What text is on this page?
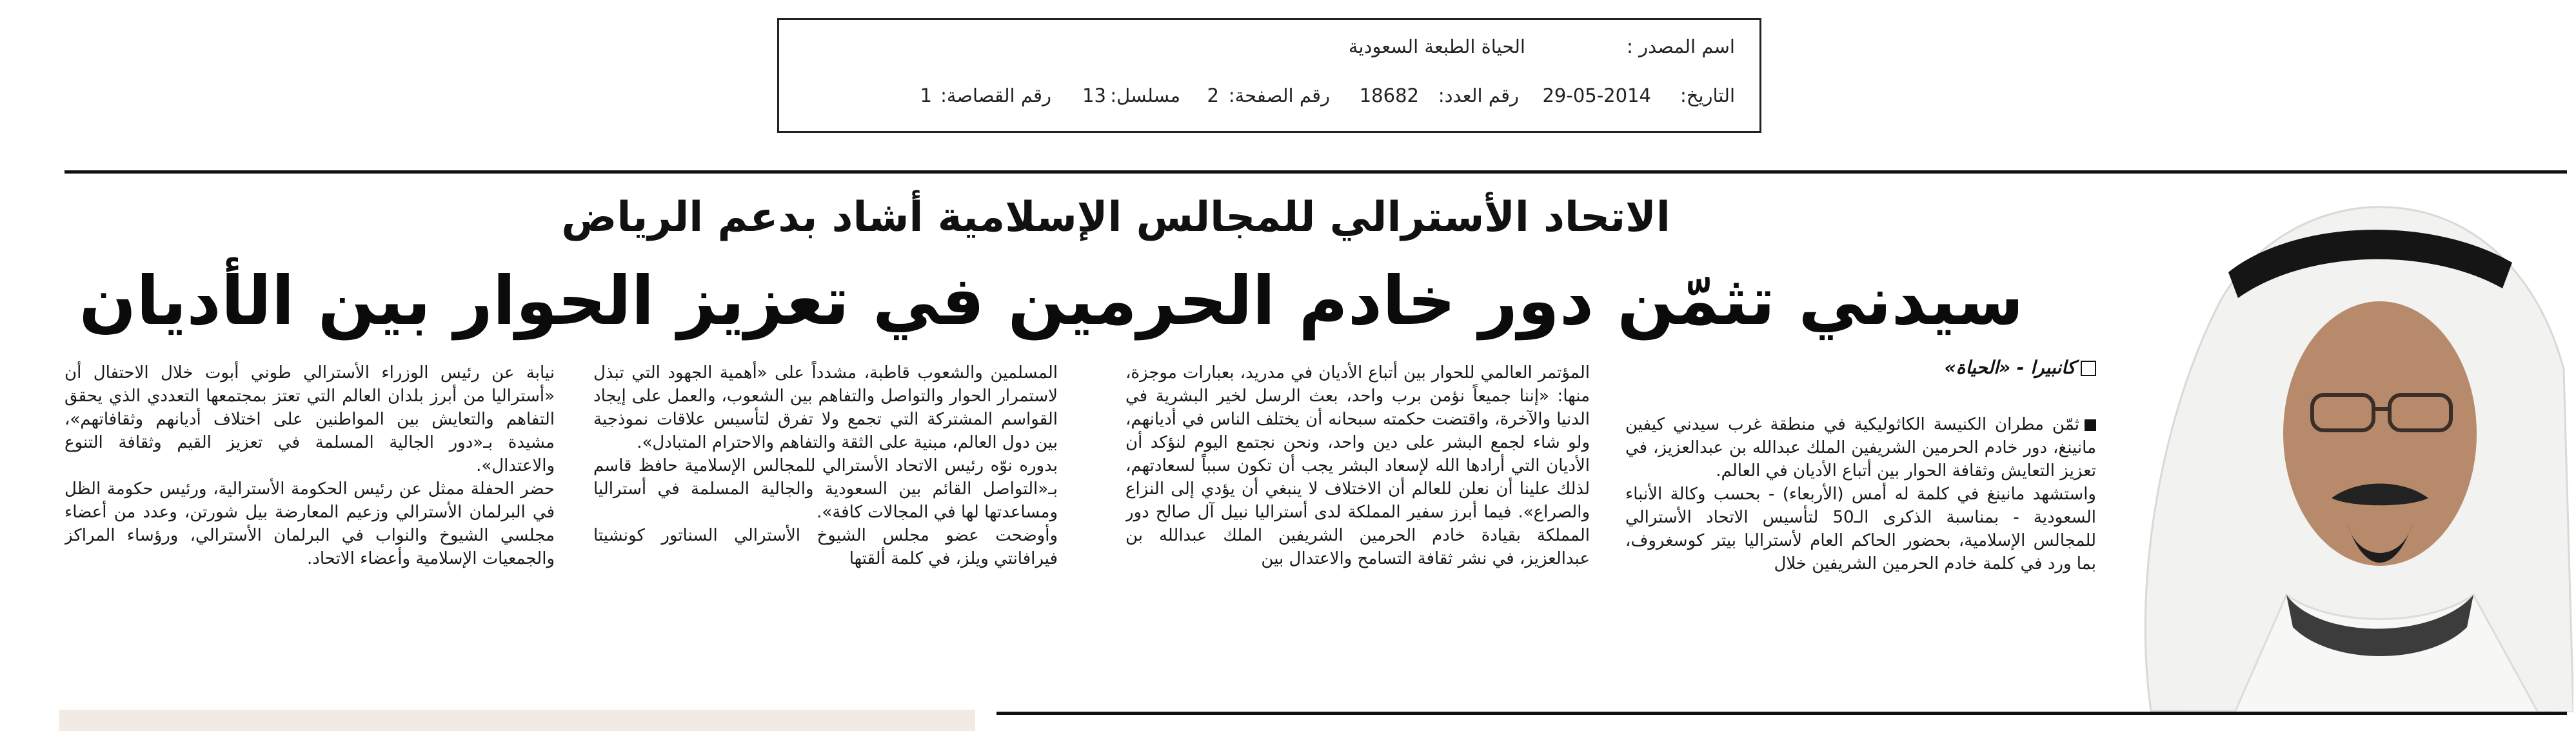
اسم المصدر :
الحياة الطبعة السعودية
التاريخ:
29-05-2014
رقم العدد:
18682
رقم الصفحة:
2
مسلسل:
13
رقم القصاصة:
1
الاتحاد الأسترالي للمجالس الإسلامية أشاد بدعم الرياض
سيدني تثمّن دور خادم الحرمين في تعزيز الحوار بين الأديان
كانبيرا - «الحياة»

ثمّن مطران الكنيسة الكاثوليكية في منطقة غرب سيدني كيفين مانينغ، دور خادم الحرمين الشريفين الملك عبدالله بن عبدالعزيز، في تعزيز التعايش وثقافة الحوار بين أتباع الأديان في العالم.

واستشهد مانينغ في كلمة له أمس (الأربعاء) - بحسب وكالة الأنباء السعودية - بمناسبة الذكرى الـ50 لتأسيس الاتحاد الأسترالي للمجالس الإسلامية، بحضور الحاكم العام لأستراليا بيتر كوسغروف، بما ورد في كلمة خادم الحرمين الشريفين خلال

المؤتمر العالمي للحوار بين أتباع الأديان في مدريد، بعبارات موجزة، منها: «إننا جميعاً نؤمن برب واحد، بعث الرسل لخير البشرية في الدنيا والآخرة، واقتضت حكمته سبحانه أن يختلف الناس في أديانهم، ولو شاء لجمع البشر على دين واحد، ونحن نجتمع اليوم لنؤكد أن الأديان التي أرادها الله لإسعاد البشر يجب أن تكون سبباً لسعادتهم، لذلك علينا أن نعلن للعالم أن الاختلاف لا ينبغي أن يؤدي إلى النزاع والصراع». فيما أبرز سفير المملكة لدى أستراليا نبيل آل صالح دور المملكة بقيادة خادم الحرمين الشريفين الملك عبدالله بن عبدالعزيز، في نشر ثقافة التسامح والاعتدال بين

المسلمين والشعوب قاطبة، مشدداً على «أهمية الجهود التي تبذل لاستمرار الحوار والتواصل والتفاهم بين الشعوب، والعمل على إيجاد القواسم المشتركة التي تجمع ولا تفرق لتأسيس علاقات نموذجية بين دول العالم، مبنية على الثقة والتفاهم والاحترام المتبادل».

بدوره نوّه رئيس الاتحاد الأسترالي للمجالس الإسلامية حافظ قاسم بـ«التواصل القائم بين السعودية والجالية المسلمة في أستراليا ومساعدتها لها في المجالات كافة».

وأوضحت عضو مجلس الشيوخ الأسترالي السناتور كونشيتا فيرافانتي ويلز، في كلمة ألقتها

نيابة عن رئيس الوزراء الأسترالي طوني أبوت خلال الاحتفال أن «أستراليا من أبرز بلدان العالم التي تعتز بمجتمعها التعددي الذي يحقق التفاهم والتعايش بين المواطنين على اختلاف أديانهم وثقافاتهم»، مشيدة بـ«دور الجالية المسلمة في تعزيز القيم وثقافة التنوع والاعتدال».

حضر الحفلة ممثل عن رئيس الحكومة الأسترالية، ورئيس حكومة الظل في البرلمان الأسترالي وزعيم المعارضة بيل شورتن، وعدد من أعضاء مجلسي الشيوخ والنواب في البرلمان الأسترالي، ورؤساء المراكز والجمعيات الإسلامية وأعضاء الاتحاد.
